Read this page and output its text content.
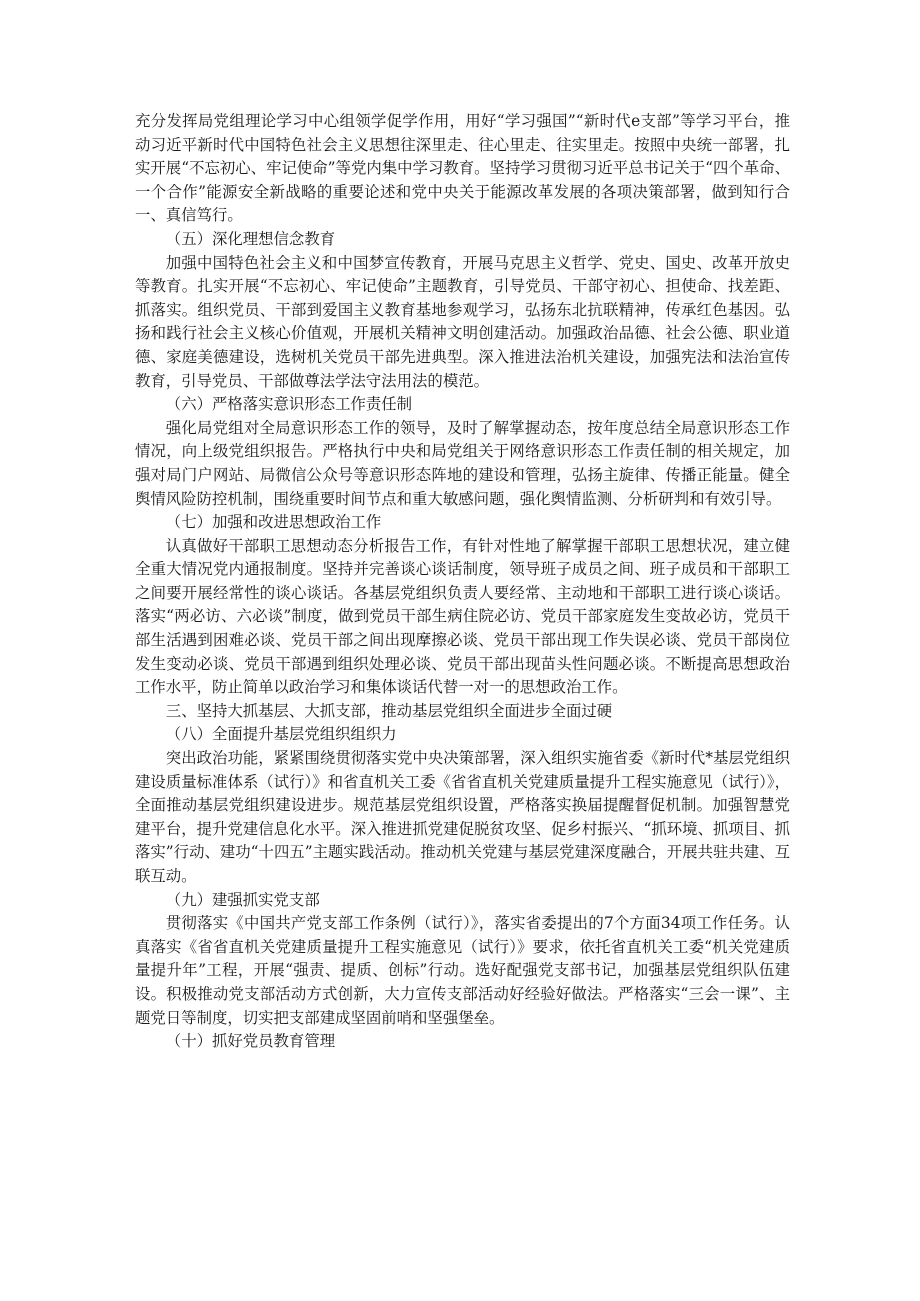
充分发挥局党组理论学习中心组领学促学作用，用好“学习强国”“新时代e支部”等学习平台，推动习近平新时代中国特色社会主义思想往深里走、往心里走、往实里走。按照中央统一部署，扎实开展“不忘初心、牢记使命”等党内集中学习教育。坚持学习贯彻习近平总书记关于“四个革命、一个合作”能源安全新战略的重要论述和党中央关于能源改革发展的各项决策部署，做到知行合一、真信笃行。

（五）深化理想信念教育

加强中国特色社会主义和中国梦宣传教育，开展马克思主义哲学、党史、国史、改革开放史等教育。扎实开展“不忘初心、牢记使命”主题教育，引导党员、干部守初心、担使命、找差距、抓落实。组织党员、干部到爱国主义教育基地参观学习，弘扬东北抗联精神，传承红色基因。弘扬和践行社会主义核心价值观，开展机关精神文明创建活动。加强政治品德、社会公德、职业道德、家庭美德建设，选树机关党员干部先进典型。深入推进法治机关建设，加强宪法和法治宣传教育，引导党员、干部做尊法学法守法用法的模范。

（六）严格落实意识形态工作责任制

强化局党组对全局意识形态工作的领导，及时了解掌握动态，按年度总结全局意识形态工作情况，向上级党组织报告。严格执行中央和局党组关于网络意识形态工作责任制的相关规定，加强对局门户网站、局微信公众号等意识形态阵地的建设和管理，弘扬主旋律、传播正能量。健全舆情风险防控机制，围绕重要时间节点和重大敏感问题，强化舆情监测、分析研判和有效引导。

（七）加强和改进思想政治工作

认真做好干部职工思想动态分析报告工作，有针对性地了解掌握干部职工思想状况，建立健全重大情况党内通报制度。坚持并完善谈心谈话制度，领导班子成员之间、班子成员和干部职工之间要开展经常性的谈心谈话。各基层党组织负责人要经常、主动地和干部职工进行谈心谈话。落实“两必访、六必谈”制度，做到党员干部生病住院必访、党员干部家庭发生变故必访，党员干部生活遇到困难必谈、党员干部之间出现摩擦必谈、党员干部出现工作失误必谈、党员干部岗位发生变动必谈、党员干部遇到组织处理必谈、党员干部出现苗头性问题必谈。不断提高思想政治工作水平，防止简单以政治学习和集体谈话代替一对一的思想政治工作。

三、坚持大抓基层、大抓支部，推动基层党组织全面进步全面过硬

（八）全面提升基层党组织组织力

突出政治功能，紧紧围绕贯彻落实党中央决策部署，深入组织实施省委《新时代*基层党组织建设质量标准体系（试行）》和省直机关工委《省省直机关党建质量提升工程实施意见（试行）》，全面推动基层党组织建设进步。规范基层党组织设置，严格落实换届提醒督促机制。加强智慧党建平台，提升党建信息化水平。深入推进抓党建促脱贫攻坚、促乡村振兴、“抓环境、抓项目、抓落实”行动、建功“十四五”主题实践活动。推动机关党建与基层党建深度融合，开展共驻共建、互联互动。

（九）建强抓实党支部

贯彻落实《中国共产党支部工作条例（试行）》，落实省委提出的7个方面34项工作任务。认真落实《省省直机关党建质量提升工程实施意见（试行）》要求，依托省直机关工委“机关党建质量提升年”工程，开展“强责、提质、创标”行动。选好配强党支部书记，加强基层党组织队伍建设。积极推动党支部活动方式创新，大力宣传支部活动好经验好做法。严格落实“三会一课”、主题党日等制度，切实把支部建成坚固前哨和坚强堡垒。

（十）抓好党员教育管理
